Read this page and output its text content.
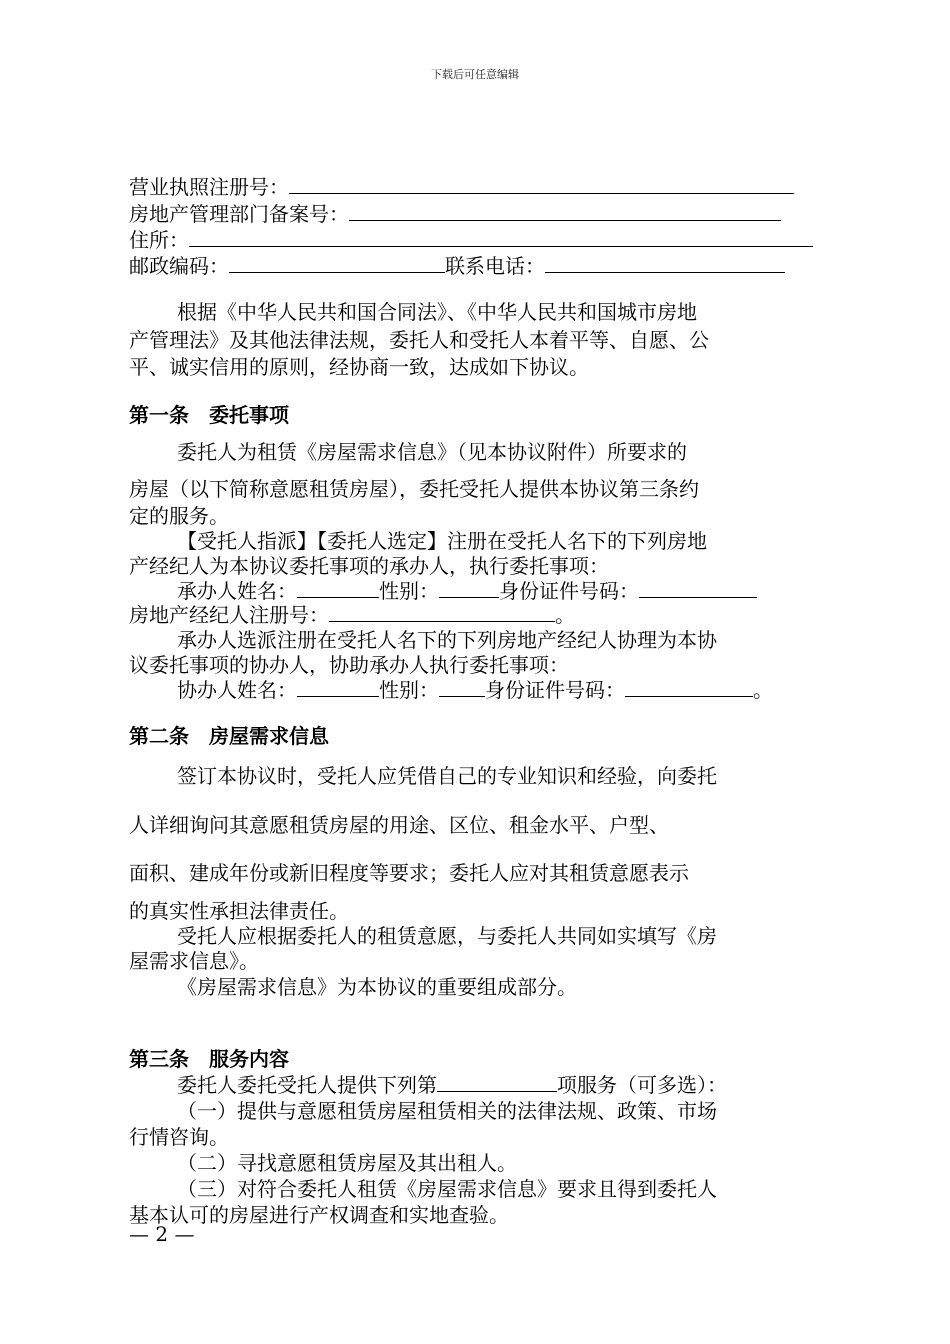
下载后可任意编辑
营业执照注册号：
房地产管理部门备案号：
住所：
邮政编码：	联系电话：
根据《中华人民共和国合同法》、《中华人民共和国城市房地
产管理法》及其他法律法规，委托人和受托人本着平等、自愿、公
平、诚实信用的原则，经协商一致，达成如下协议。
第一条　委托事项
委托人为租赁《房屋需求信息》（见本协议附件）所要求的
房屋（以下简称意愿租赁房屋），委托受托人提供本协议第三条约
定的服务。
【受托人指派】【委托人选定】注册在受托人名下的下列房地
产经纪人为本协议委托事项的承办人，执行委托事项：
承办人姓名：	性别：	身份证件号码：
房地产经纪人注册号：	。
承办人选派注册在受托人名下的下列房地产经纪人协理为本协
议委托事项的协办人，协助承办人执行委托事项：
协办人姓名：	性别： 身份证件号码：	。
第二条　房屋需求信息
签订本协议时，受托人应凭借自己的专业知识和经验，向委托
人详细询问其意愿租赁房屋的用途、区位、租金水平、户型、
面积、建成年份或新旧程度等要求；委托人应对其租赁意愿表示
的真实性承担法律责任。
受托人应根据委托人的租赁意愿，与委托人共同如实填写《房
屋需求信息》。
《房屋需求信息》为本协议的重要组成部分。
第三条　服务内容
委托人委托受托人提供下列第	项服务（可多选）：
（一）提供与意愿租赁房屋租赁相关的法律法规、政策、市场
行情咨询。
（二）寻找意愿租赁房屋及其出租人。
（三）对符合委托人租赁《房屋需求信息》要求且得到委托人
基本认可的房屋进行产权调查和实地查验。
— 2 —
